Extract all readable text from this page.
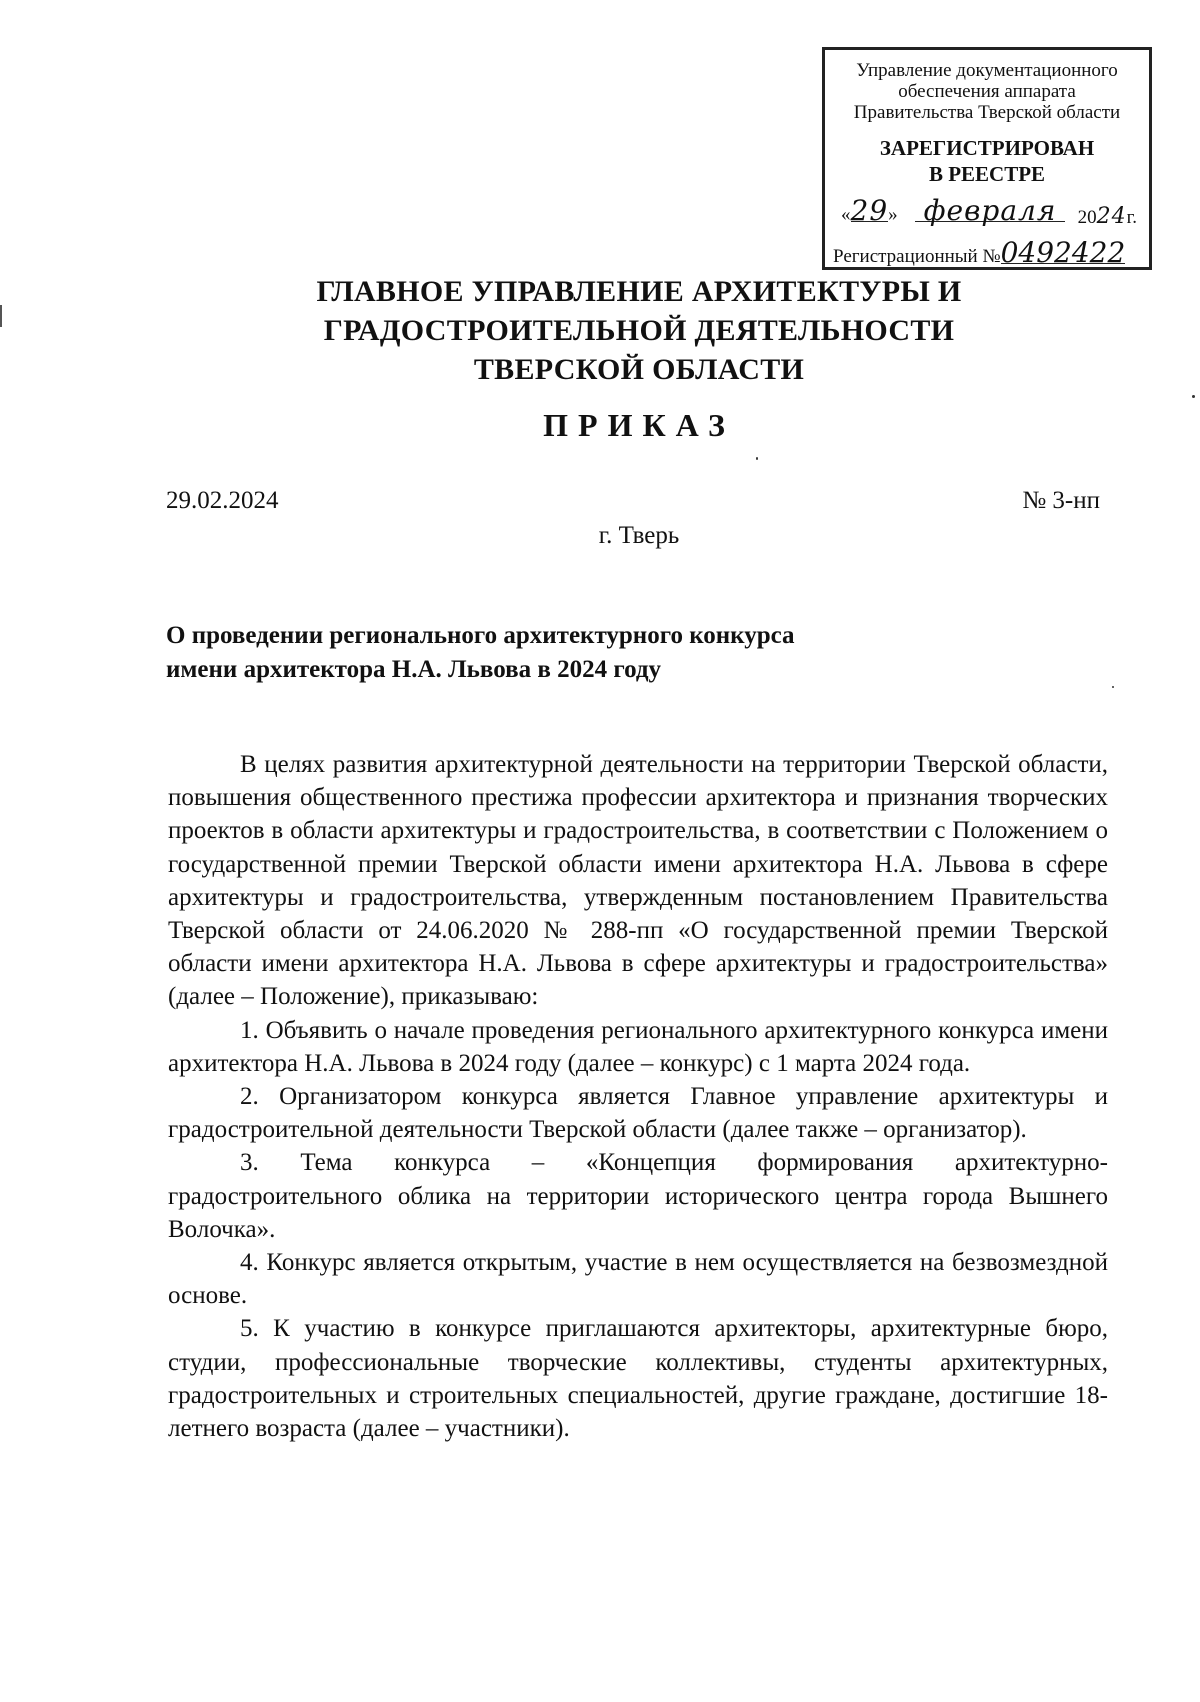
Управление документационного
обеспечения аппарата
Правительства Тверской области
ЗАРЕГИСТРИРОВАН
В РЕЕСТРЕ
«29» февраля	2024г.
Регистрационный №0492422
ГЛАВНОЕ УПРАВЛЕНИЕ АРХИТЕКТУРЫ И
ГРАДОСТРОИТЕЛЬНОЙ ДЕЯТЕЛЬНОСТИ
ТВЕРСКОЙ ОБЛАСТИ
ПРИКАЗ
29.02.2024	№ 3-нп
г. Тверь
О проведении регионального архитектурного конкурса
имени архитектора Н.А. Львова в 2024 году

В целях развития архитектурной деятельности на территории Тверской области, повышения общественного престижа профессии архитектора и признания творческих проектов в области архитектуры и градостроительства, в соответствии с Положением о государственной премии Тверской области имени архитектора Н.А. Львова в сфере архитектуры и градостроительства, утвержденным постановлением Правительства Тверской области от 24.06.2020 № 288-пп «О государственной премии Тверской области имени архитектора Н.А. Львова в сфере архитектуры и градостроительства» (далее – Положение), приказываю:

1. Объявить о начале проведения регионального архитектурного конкурса имени архитектора Н.А. Львова в 2024 году (далее – конкурс) с 1 марта 2024 года.

2. Организатором конкурса является Главное управление архитектуры и градостроительной деятельности Тверской области (далее также – организатор).

3. Тема конкурса – «Концепция формирования архитектурно-градостроительного облика на территории исторического центра города Вышнего Волочка».

4. Конкурс является открытым, участие в нем осуществляется на безвозмездной основе.

5. К участию в конкурсе приглашаются архитекторы, архитектурные бюро, студии, профессиональные творческие коллективы, студенты архитектурных, градостроительных и строительных специальностей, другие граждане, достигшие 18-летнего возраста (далее – участники).
